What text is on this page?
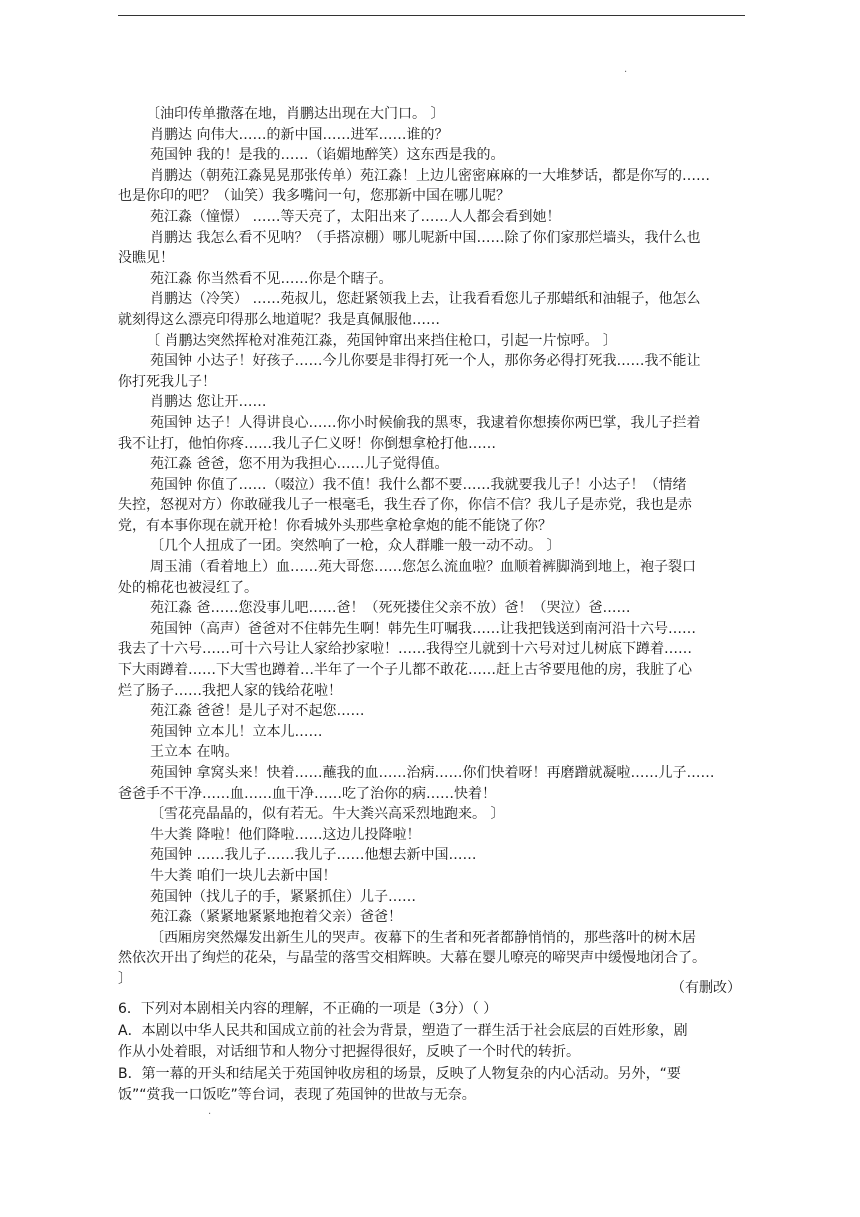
·
〔油印传单撒落在地，肖鹏达出现在大门口。 〕
肖鹏达 向伟大……的新中国……进军……谁的？
苑国钟 我的！是我的……（谄媚地醉笑）这东西是我的。
肖鹏达（朝苑江淼晃晃那张传单）苑江淼！上边儿密密麻麻的一大堆梦话，都是你写的……
也是你印的吧？（讪笑）我多嘴问一句，您那新中国在哪儿呢？
苑江淼（憧憬） ……等天亮了，太阳出来了……人人都会看到她！
肖鹏达 我怎么看不见呐？（手搭凉棚）哪儿呢新中国……除了你们家那烂墙头，我什么也
没瞧见！
苑江淼 你当然看不见……你是个瞎子。
肖鹏达（冷笑） ……苑叔儿，您赶紧领我上去，让我看看您儿子那蜡纸和油辊子，他怎么
就刻得这么漂亮印得那么地道呢？我是真佩服他……
〔 肖鹏达突然挥枪对准苑江淼，苑国钟窜出来挡住枪口，引起一片惊呼。 〕
苑国钟 小达子！好孩子……今儿你要是非得打死一个人，那你务必得打死我……我不能让
你打死我儿子！
肖鹏达 您让开……
苑国钟 达子！人得讲良心……你小时候偷我的黑枣，我逮着你想揍你两巴掌，我儿子拦着
我不让打，他怕你疼……我儿子仁义呀！你倒想拿枪打他……
苑江淼 爸爸，您不用为我担心……儿子觉得值。
苑国钟 你值了……（啜泣）我不值！我什么都不要……我就要我儿子！小达子！（情绪
失控，怒视对方）你敢碰我儿子一根毫毛，我生吞了你，你信不信？我儿子是赤党，我也是赤
党，有本事你现在就开枪！你看城外头那些拿枪拿炮的能不能饶了你？
〔几个人扭成了一团。突然响了一枪，众人群雕一般一动不动。 〕
周玉浦（看着地上）血……苑大哥您……您怎么流血啦？血顺着裤脚淌到地上，袍子裂口
处的棉花也被浸红了。
苑江淼 爸……您没事儿吧……爸！（死死搂住父亲不放）爸！（哭泣）爸……
苑国钟（高声）爸爸对不住韩先生啊！韩先生叮嘱我……让我把钱送到南河沿十六号……
我去了十六号……可十六号让人家给抄家啦！……我得空儿就到十六号对过儿树底下蹲着……
下大雨蹲着……下大雪也蹲着…半年了一个子儿都不敢花……赶上古爷要甩他的房，我脏了心
烂了肠子……我把人家的钱给花啦！
苑江淼 爸爸！是儿子对不起您……
苑国钟 立本儿！立本儿……
王立本 在呐。
苑国钟 拿窝头来！快着……蘸我的血……治病……你们快着呀！再磨蹭就凝啦……儿子……
爸爸手不干净……血……血干净……吃了治你的病……快着！
〔雪花亮晶晶的，似有若无。牛大粪兴高采烈地跑来。 〕
牛大粪 降啦！他们降啦……这边儿投降啦！
苑国钟 ……我儿子……我儿子……他想去新中国……
牛大粪 咱们一块儿去新中国！
苑国钟（找儿子的手，紧紧抓住）儿子……
苑江淼（紧紧地紧紧地抱着父亲）爸爸！
〔西厢房突然爆发出新生儿的哭声。夜幕下的生者和死者都静悄悄的，那些落叶的树木居
然依次开出了绚烂的花朵，与晶莹的落雪交相辉映。大幕在婴儿嘹亮的啼哭声中缓慢地闭合了。
〕
（有删改）
6．下列对本剧相关内容的理解，不正确的一项是（3分）（ ）
A．本剧以中华人民共和国成立前的社会为背景，塑造了一群生活于社会底层的百姓形象，剧
作从小处着眼，对话细节和人物分寸把握得很好，反映了一个时代的转折。
B．第一幕的开头和结尾关于苑国钟收房租的场景，反映了人物复杂的内心活动。另外，“要
饭”“赏我一口饭吃”等台词，表现了苑国钟的世故与无奈。
·
